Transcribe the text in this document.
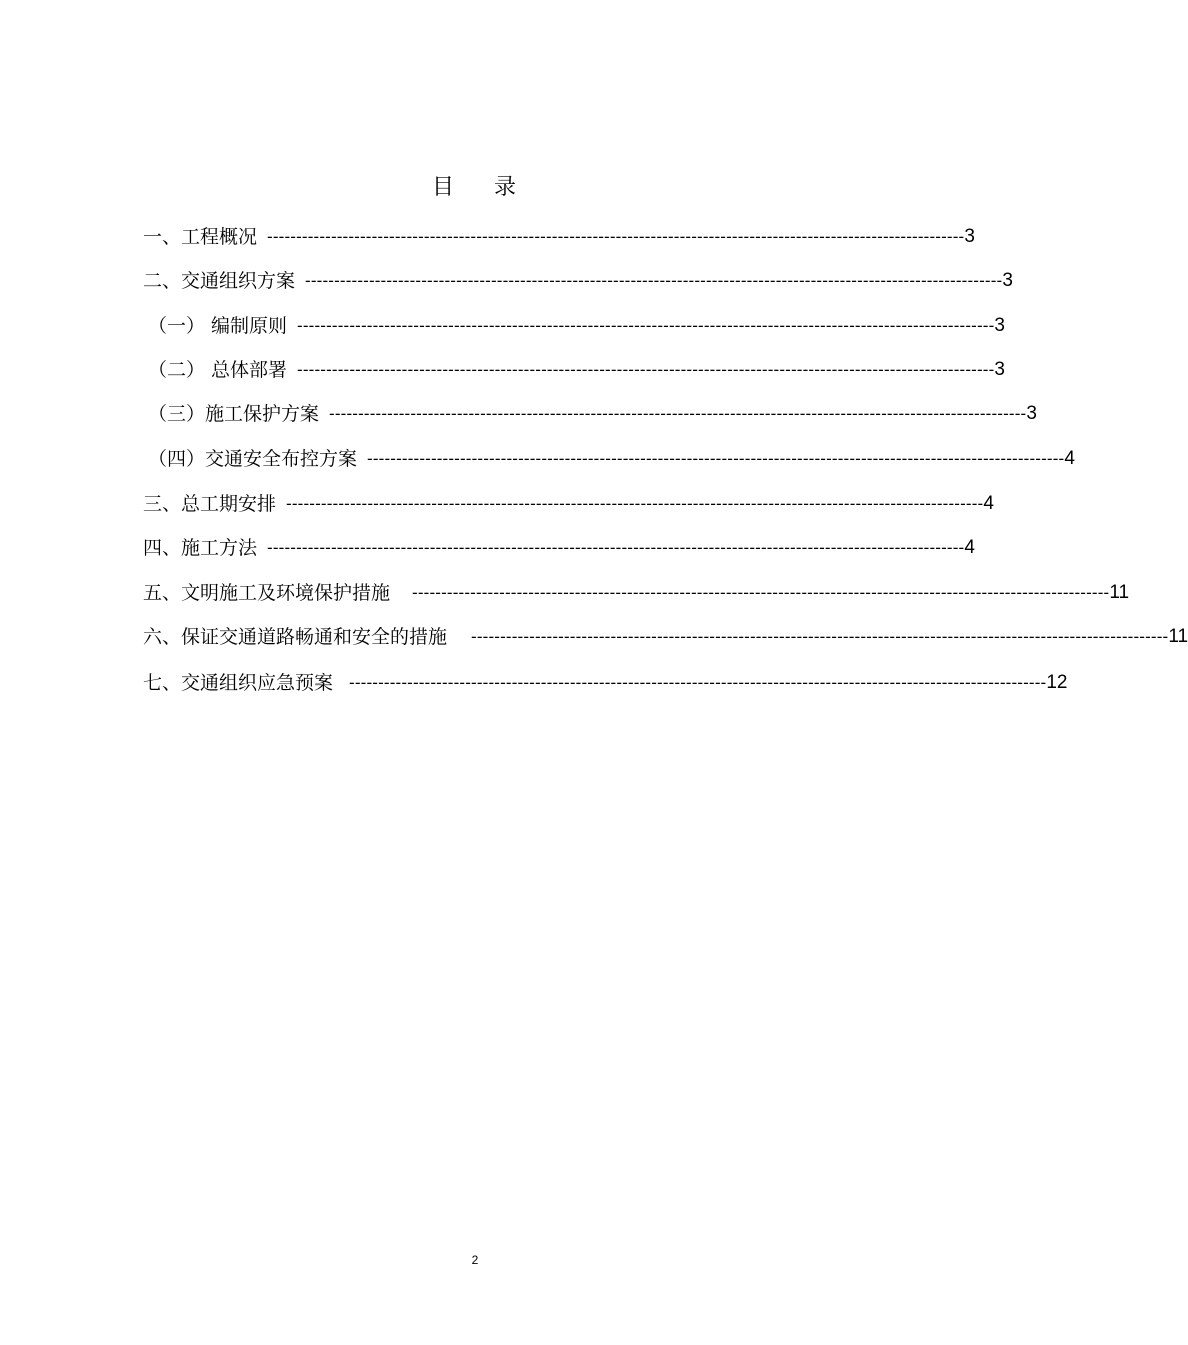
目 录
一、工程概况 ------------------------------------------------------------------------------------------------------------------------ 3
二、交通组织方案 ------------------------------------------------------------------------------------------------------------------------ 3
（一） 编制原则 ------------------------------------------------------------------------------------------------------------------------ 3
（二） 总体部署 ------------------------------------------------------------------------------------------------------------------------ 3
（三）施工保护方案 ------------------------------------------------------------------------------------------------------------------------ 3
（四）交通安全布控方案 ------------------------------------------------------------------------------------------------------------------------ 4
三、总工期安排 ------------------------------------------------------------------------------------------------------------------------ 4
四、施工方法 ------------------------------------------------------------------------------------------------------------------------ 4
五、文明施工及环境保护措施 ------------------------------------------------------------------------------------------------------------------------ 11
六、保证交通道路畅通和安全的措施 ------------------------------------------------------------------------------------------------------------------------ 11
七、交通组织应急预案 ------------------------------------------------------------------------------------------------------------------------ 12
2
